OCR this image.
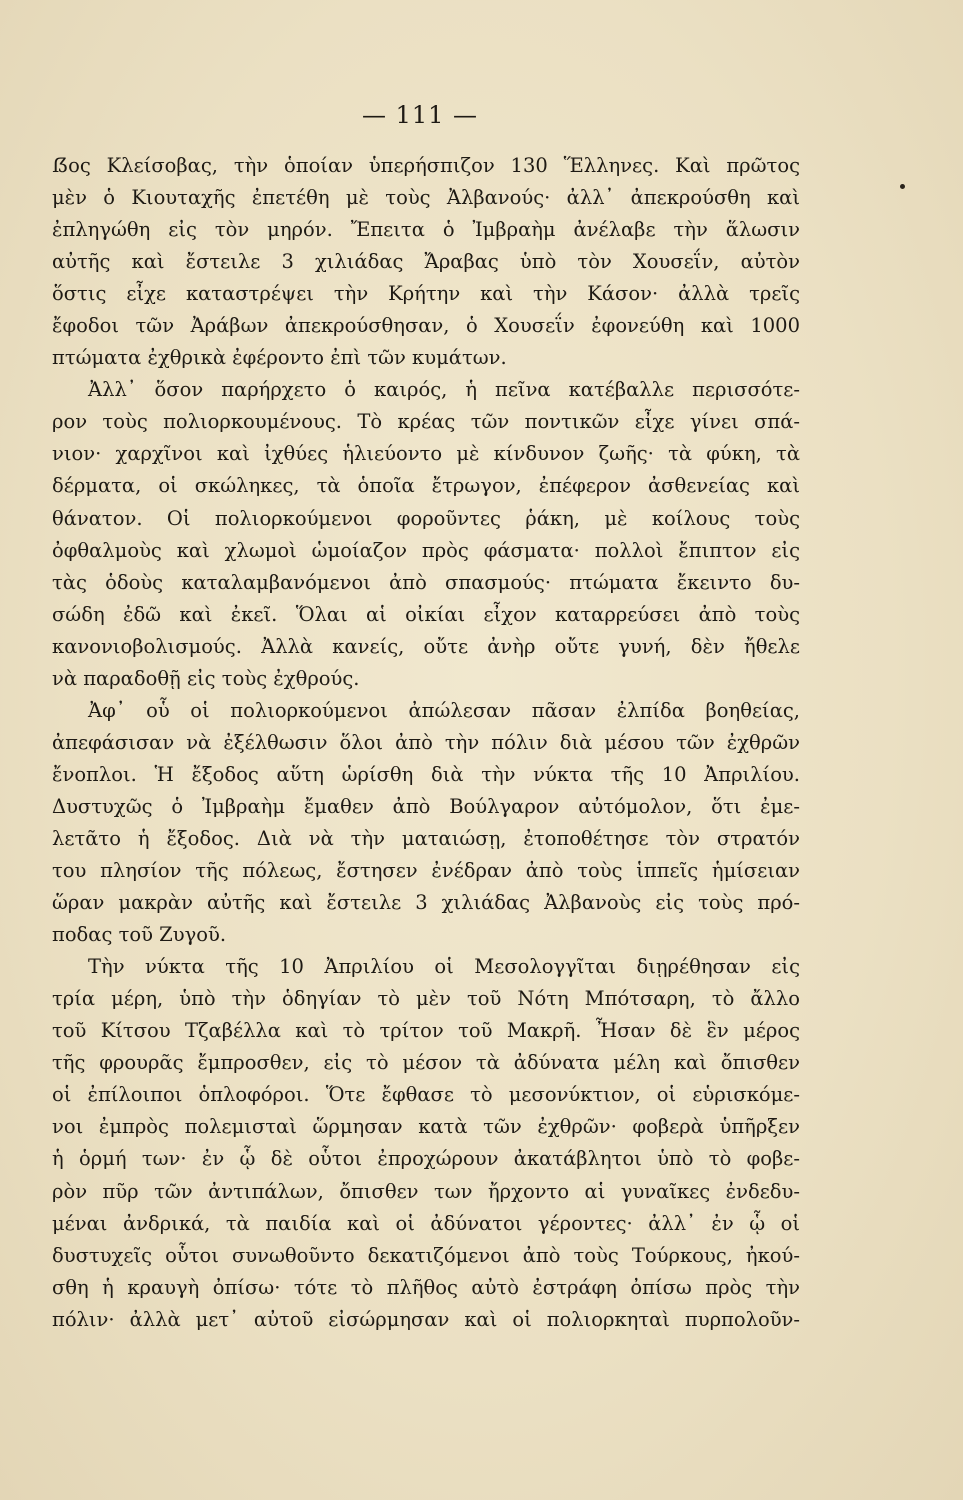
— 111 —
ẞος Κλείσοβας, τὴν ὁποίαν ὑπερήσπιζον 130 Ἕλληνες. Καὶ πρῶτος
μὲν ὁ Κιουταχῆς ἐπετέθη μὲ τοὺς Ἀλβανούς· ἀλλ᾽ ἀπεκρούσθη καὶ
ἐπληγώθη εἰς τὸν μηρόν. Ἔπειτα ὁ Ἰμβραὴμ ἀνέλαβε τὴν ἅλωσιν
αὐτῆς καὶ ἔστειλε 3 χιλιάδας Ἄραβας ὑπὸ τὸν Χουσεΐν, αὐτὸν
ὅστις εἶχε καταστρέψει τὴν Κρήτην καὶ τὴν Κάσον· ἀλλὰ τρεῖς
ἔφοδοι τῶν Ἀράβων ἀπεκρούσθησαν, ὁ Χουσεΐν ἐφονεύθη καὶ 1000
πτώματα ἐχθρικὰ ἐφέροντο ἐπὶ τῶν κυμάτων.
Ἀλλ᾽ ὅσον παρήρχετο ὁ καιρός, ἡ πεῖνα κατέβαλλε περισσότε-
ρον τοὺς πολιορκουμένους. Τὸ κρέας τῶν ποντικῶν εἶχε γίνει σπά-
νιον· χαρχῖνοι καὶ ἰχθύες ἡλιεύοντο μὲ κίνδυνον ζωῆς· τὰ φύκη, τὰ
δέρματα, οἱ σκώληκες, τὰ ὁποῖα ἔτρωγον, ἐπέφερον ἀσθενείας καὶ
θάνατον. Οἱ πολιορκούμενοι φοροῦντες ῥάκη, μὲ κοίλους τοὺς
ὀφθαλμοὺς καὶ χλωμοὶ ὡμοίαζον πρὸς φάσματα· πολλοὶ ἔπιπτον εἰς
τὰς ὁδοὺς καταλαμβανόμενοι ἀπὸ σπασμούς· πτώματα ἔκειντο δυ-
σώδη ἐδῶ καὶ ἐκεῖ. Ὅλαι αἱ οἰκίαι εἶχον καταρρεύσει ἀπὸ τοὺς
κανονιοβολισμούς. Ἀλλὰ κανείς, οὔτε ἀνὴρ οὔτε γυνή, δὲν ἤθελε
νὰ παραδοθῇ εἰς τοὺς ἐχθρούς.
Ἀφ᾽ οὗ οἱ πολιορκούμενοι ἀπώλεσαν πᾶσαν ἐλπίδα βοηθείας,
ἀπεφάσισαν νὰ ἐξέλθωσιν ὅλοι ἀπὸ τὴν πόλιν διὰ μέσου τῶν ἐχθρῶν
ἔνοπλοι. Ἡ ἔξοδος αὕτη ὡρίσθη διὰ τὴν νύκτα τῆς 10 Ἀπριλίου.
Δυστυχῶς ὁ Ἰμβραὴμ ἔμαθεν ἀπὸ Βούλγαρον αὐτόμολον, ὅτι ἐμε-
λετᾶτο ἡ ἔξοδος. Διὰ νὰ τὴν ματαιώσῃ, ἐτοποθέτησε τὸν στρατόν
του πλησίον τῆς πόλεως, ἔστησεν ἐνέδραν ἀπὸ τοὺς ἱππεῖς ἡμίσειαν
ὥραν μακρὰν αὐτῆς καὶ ἔστειλε 3 χιλιάδας Ἀλβανοὺς εἰς τοὺς πρό-
ποδας τοῦ Ζυγοῦ.
Τὴν νύκτα τῆς 10 Ἀπριλίου οἱ Μεσολογγῖται διῃρέθησαν εἰς
τρία μέρη, ὑπὸ τὴν ὁδηγίαν τὸ μὲν τοῦ Νότη Μπότσαρη, τὸ ἄλλο
τοῦ Κίτσου Τζαβέλλα καὶ τὸ τρίτον τοῦ Μακρῆ. Ἦσαν δὲ ἓν μέρος
τῆς φρουρᾶς ἔμπροσθεν, εἰς τὸ μέσον τὰ ἀδύνατα μέλη καὶ ὄπισθεν
οἱ ἐπίλοιποι ὁπλοφόροι. Ὅτε ἔφθασε τὸ μεσονύκτιον, οἱ εὑρισκόμε-
νοι ἐμπρὸς πολεμισταὶ ὥρμησαν κατὰ τῶν ἐχθρῶν· φοβερὰ ὑπῆρξεν
ἡ ὁρμή των· ἐν ᾧ δὲ οὗτοι ἐπροχώρουν ἀκατάβλητοι ὑπὸ τὸ φοβε-
ρὸν πῦρ τῶν ἀντιπάλων, ὄπισθεν των ἤρχοντο αἱ γυναῖκες ἐνδεδυ-
μέναι ἀνδρικά, τὰ παιδία καὶ οἱ ἀδύνατοι γέροντες· ἀλλ᾽ ἐν ᾧ οἱ
δυστυχεῖς οὗτοι συνωθοῦντο δεκατιζόμενοι ἀπὸ τοὺς Τούρκους, ἠκού-
σθη ἡ κραυγὴ ὀπίσω· τότε τὸ πλῆθος αὐτὸ ἐστράφη ὀπίσω πρὸς τὴν
πόλιν· ἀλλὰ μετ᾽ αὐτοῦ εἰσώρμησαν καὶ οἱ πολιορκηταὶ πυρπολοῦν-
